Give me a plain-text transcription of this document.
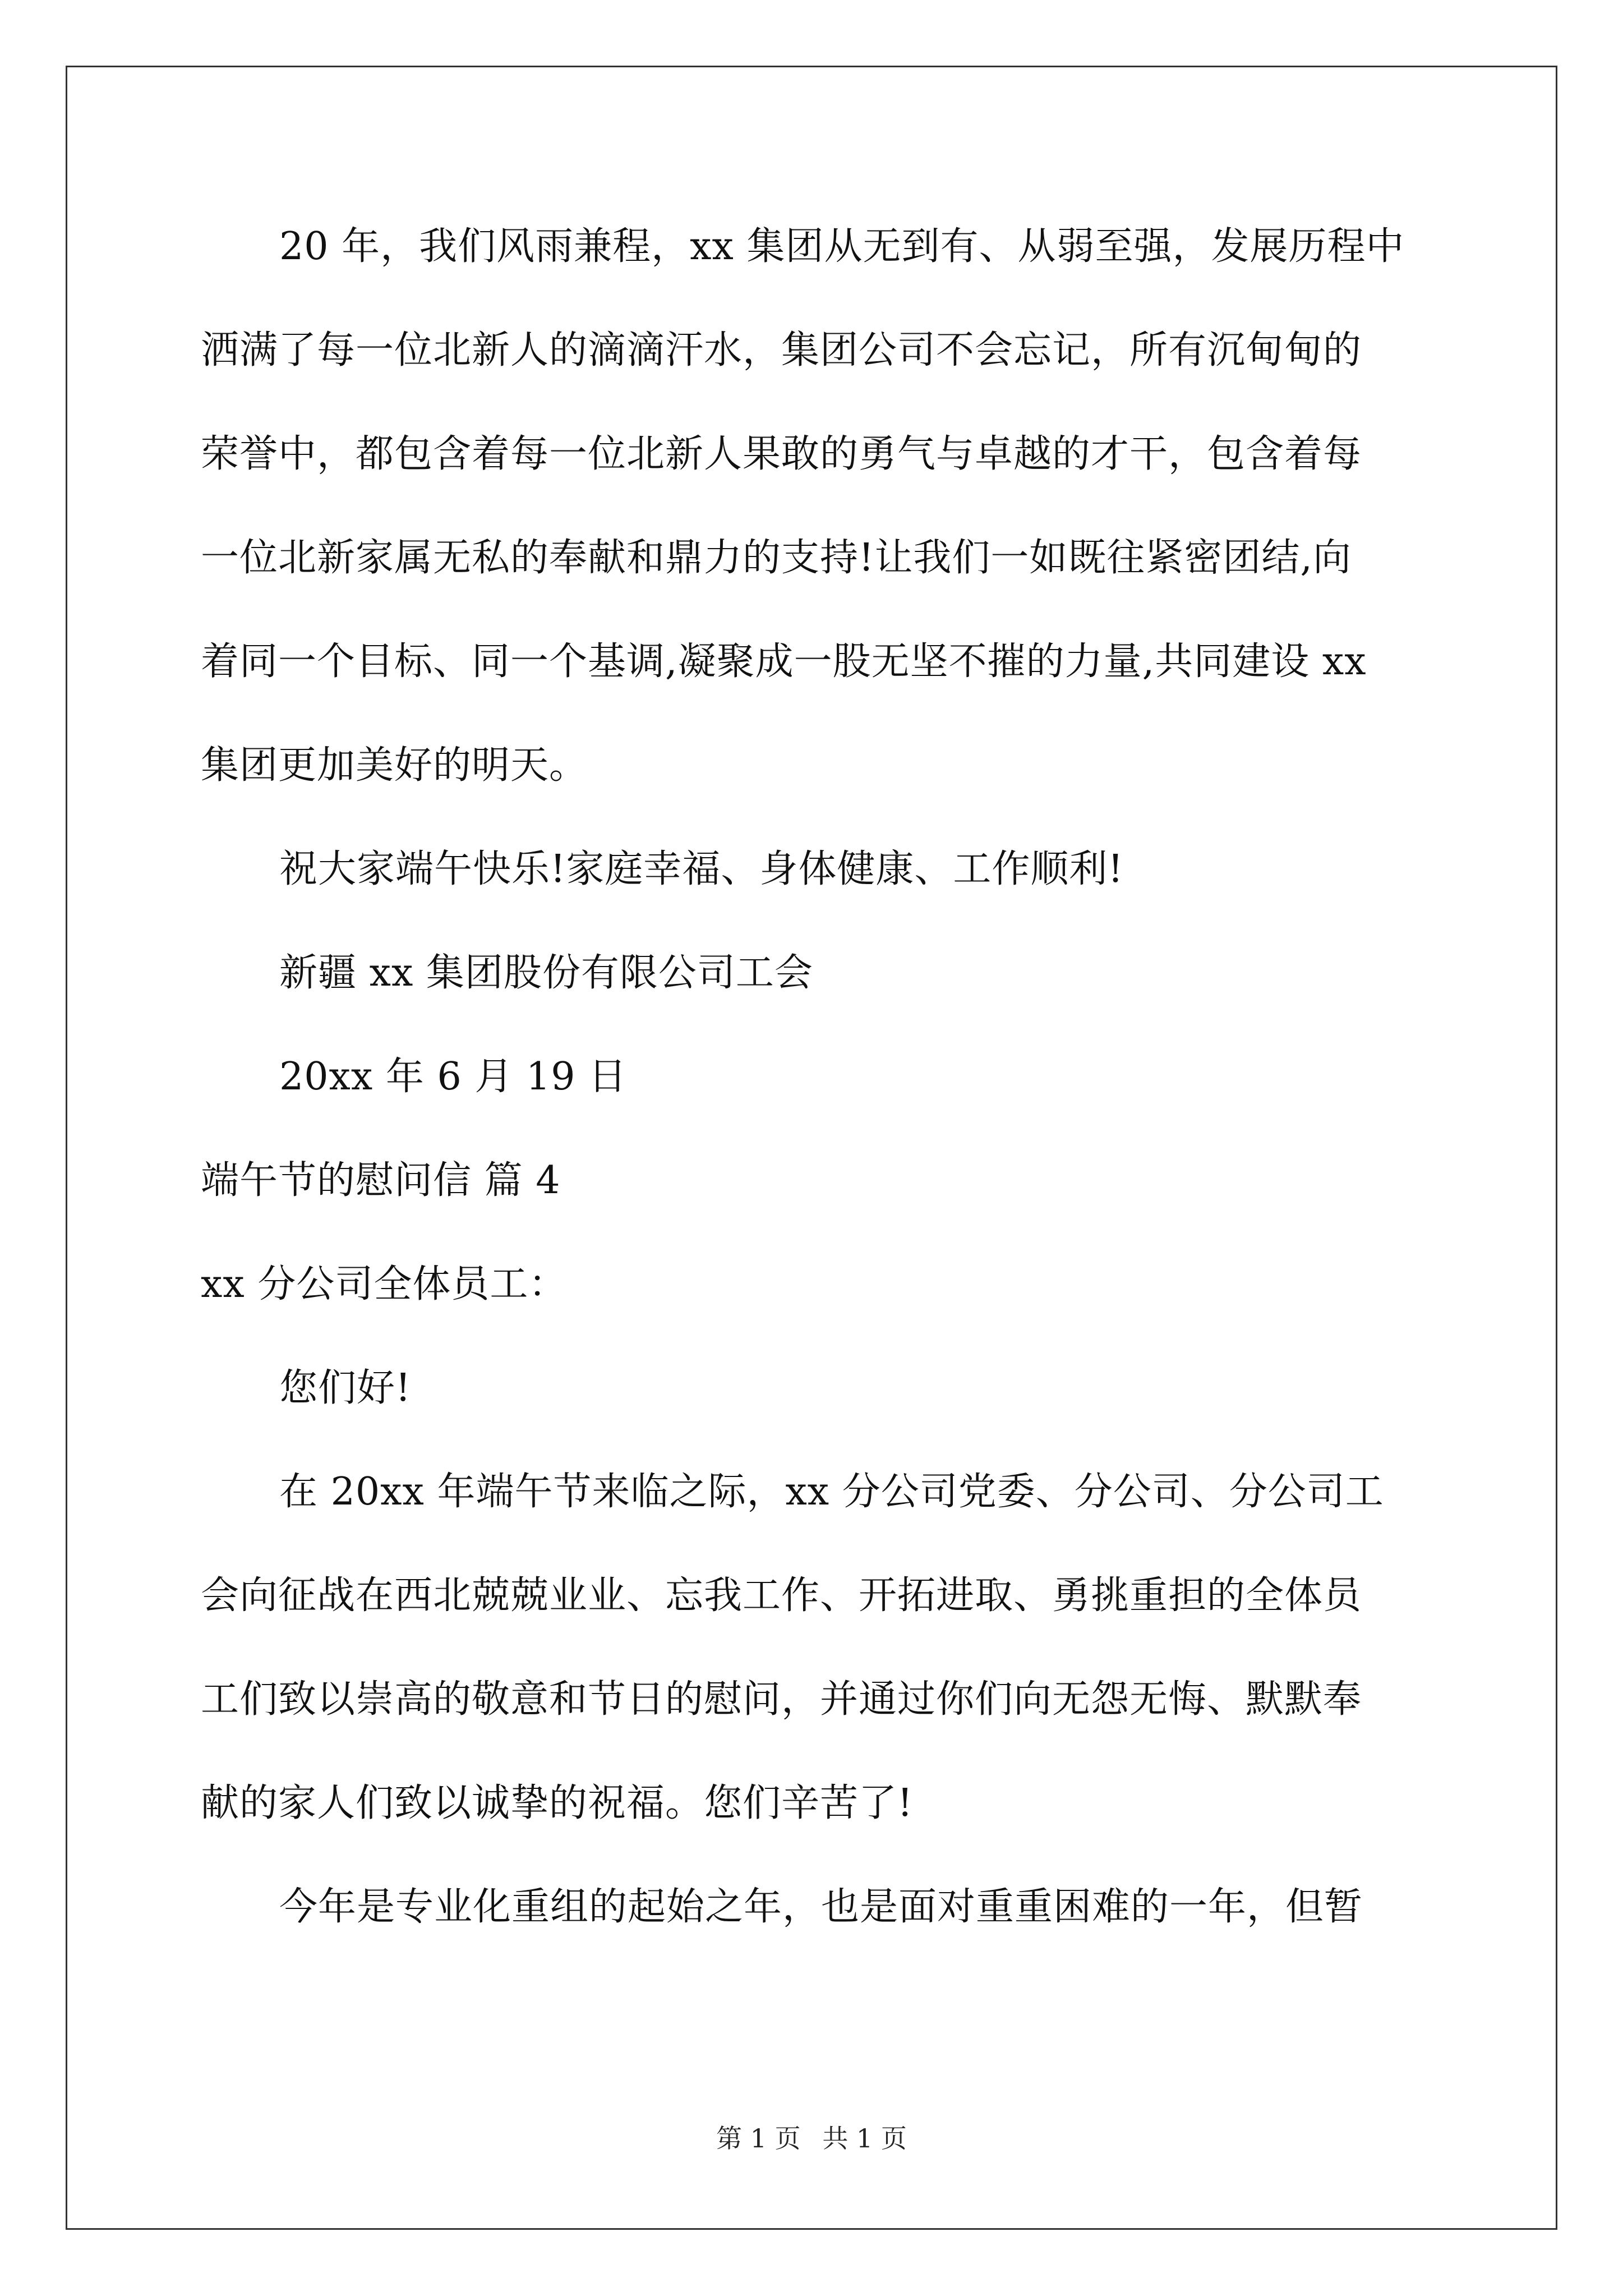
20 年，我们风雨兼程，xx 集团从无到有、从弱至强，发展历程中
洒满了每一位北新人的滴滴汗水，集团公司不会忘记，所有沉甸甸的
荣誉中，都包含着每一位北新人果敢的勇气与卓越的才干，包含着每
一位北新家属无私的奉献和鼎力的支持!让我们一如既往紧密团结,向
着同一个目标、同一个基调,凝聚成一股无坚不摧的力量,共同建设 xx
集团更加美好的明天。
祝大家端午快乐!家庭幸福、身体健康、工作顺利!
新疆 xx 集团股份有限公司工会
20xx 年 6 月 19 日
端午节的慰问信 篇 4
xx 分公司全体员工：
您们好!
在 20xx 年端午节来临之际，xx 分公司党委、分公司、分公司工
会向征战在西北兢兢业业、忘我工作、开拓进取、勇挑重担的全体员
工们致以崇高的敬意和节日的慰问，并通过你们向无怨无悔、默默奉
献的家人们致以诚挚的祝福。您们辛苦了!
今年是专业化重组的起始之年，也是面对重重困难的一年，但暂
第 1 页 共 1 页
